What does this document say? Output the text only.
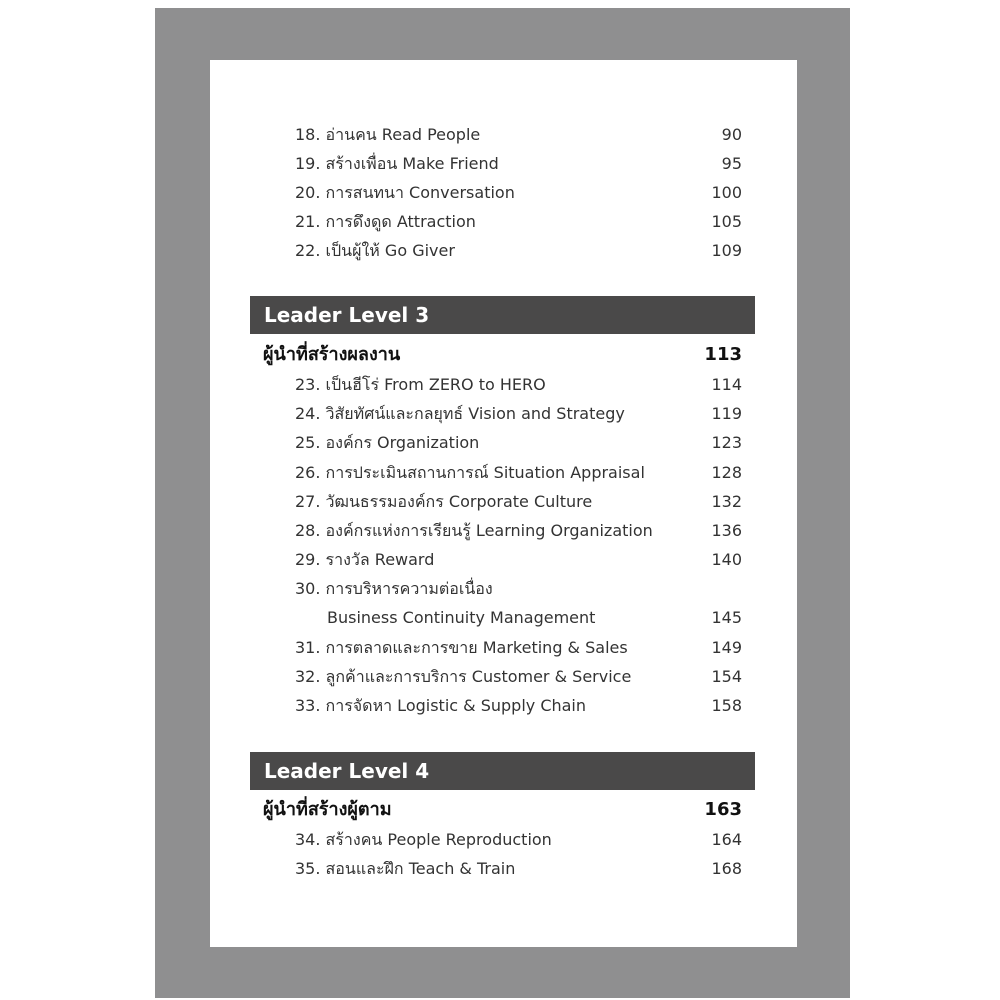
18. อ่านคน Read People	90
19. สร้างเพื่อน Make Friend	95
20. การสนทนา Conversation	100
21. การดึงดูด Attraction	105
22. เป็นผู้ให้ Go Giver	109
Leader Level 3
ผู้นำที่สร้างผลงาน	113
23. เป็นฮีโร่ From ZERO to HERO	114
24. วิสัยทัศน์และกลยุทธ์ Vision and Strategy	119
25. องค์กร Organization	123
26. การประเมินสถานการณ์ Situation Appraisal	128
27. วัฒนธรรมองค์กร Corporate Culture	132
28. องค์กรแห่งการเรียนรู้ Learning Organization	136
29. รางวัล Reward	140
30. การบริหารความต่อเนื่อง
Business Continuity Management	145
31. การตลาดและการขาย Marketing & Sales	149
32. ลูกค้าและการบริการ Customer & Service	154
33. การจัดหา Logistic & Supply Chain	158
Leader Level 4
ผู้นำที่สร้างผู้ตาม	163
34. สร้างคน People Reproduction	164
35. สอนและฝึก Teach & Train	168
